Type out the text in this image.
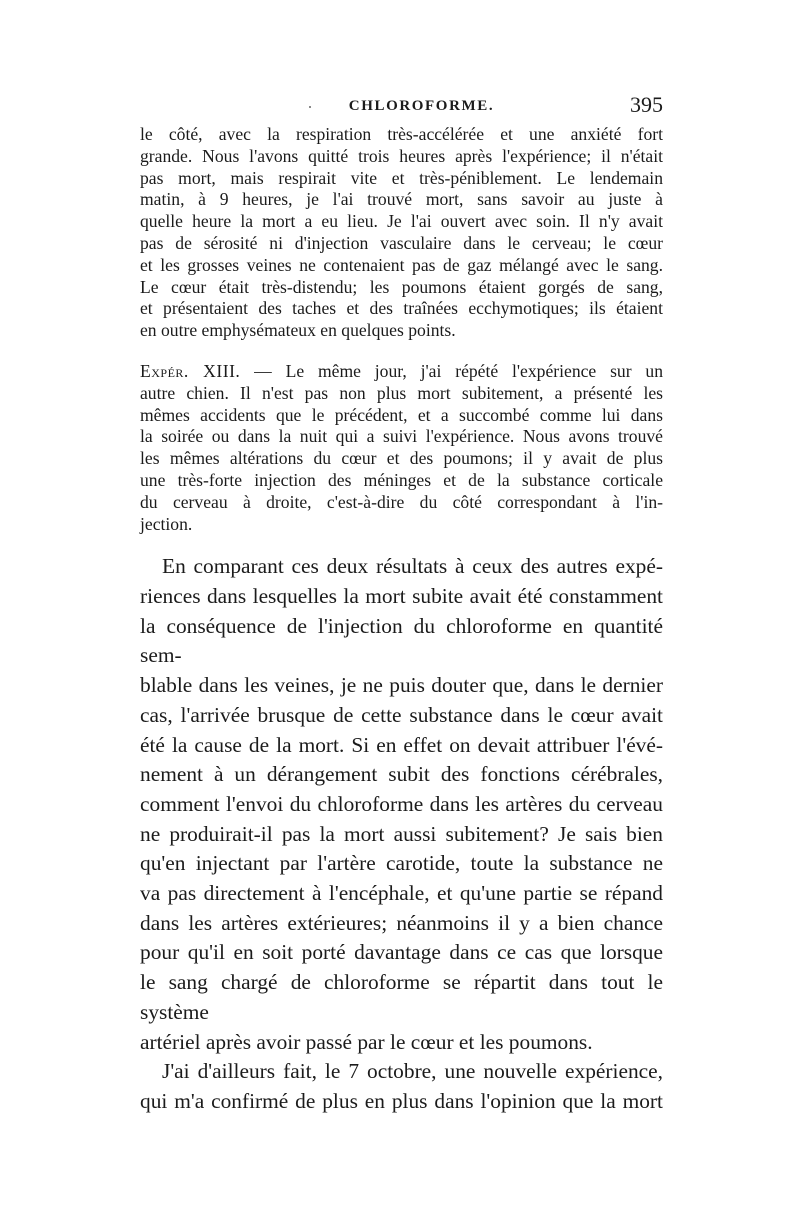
CHLOROFORME.	395

le côté, avec la respiration très-accélérée et une anxiété fort

grande. Nous l'avons quitté trois heures après l'expérience; il n'était

pas mort, mais respirait vite et très-péniblement. Le lendemain

matin, à 9 heures, je l'ai trouvé mort, sans savoir au juste à

quelle heure la mort a eu lieu. Je l'ai ouvert avec soin. Il n'y avait

pas de sérosité ni d'injection vasculaire dans le cerveau; le cœur

et les grosses veines ne contenaient pas de gaz mélangé avec le sang.

Le cœur était très-distendu; les poumons étaient gorgés de sang,

et présentaient des taches et des traînées ecchymotiques; ils étaient

en outre emphysémateux en quelques points.

Expér. XIII. — Le même jour, j'ai répété l'expérience sur un

autre chien. Il n'est pas non plus mort subitement, a présenté les

mêmes accidents que le précédent, et a succombé comme lui dans

la soirée ou dans la nuit qui a suivi l'expérience. Nous avons trouvé

les mêmes altérations du cœur et des poumons; il y avait de plus

une très-forte injection des méninges et de la substance corticale

du cerveau à droite, c'est-à-dire du côté correspondant à l'in-

jection.

En comparant ces deux résultats à ceux des autres expé-

riences dans lesquelles la mort subite avait été constamment

la conséquence de l'injection du chloroforme en quantité sem-

blable dans les veines, je ne puis douter que, dans le dernier

cas, l'arrivée brusque de cette substance dans le cœur avait

été la cause de la mort. Si en effet on devait attribuer l'évé-

nement à un dérangement subit des fonctions cérébrales,

comment l'envoi du chloroforme dans les artères du cerveau

ne produirait-il pas la mort aussi subitement? Je sais bien

qu'en injectant par l'artère carotide, toute la substance ne

va pas directement à l'encéphale, et qu'une partie se répand

dans les artères extérieures; néanmoins il y a bien chance

pour qu'il en soit porté davantage dans ce cas que lorsque

le sang chargé de chloroforme se répartit dans tout le système

artériel après avoir passé par le cœur et les poumons.

J'ai d'ailleurs fait, le 7 octobre, une nouvelle expérience,

qui m'a confirmé de plus en plus dans l'opinion que la mort
